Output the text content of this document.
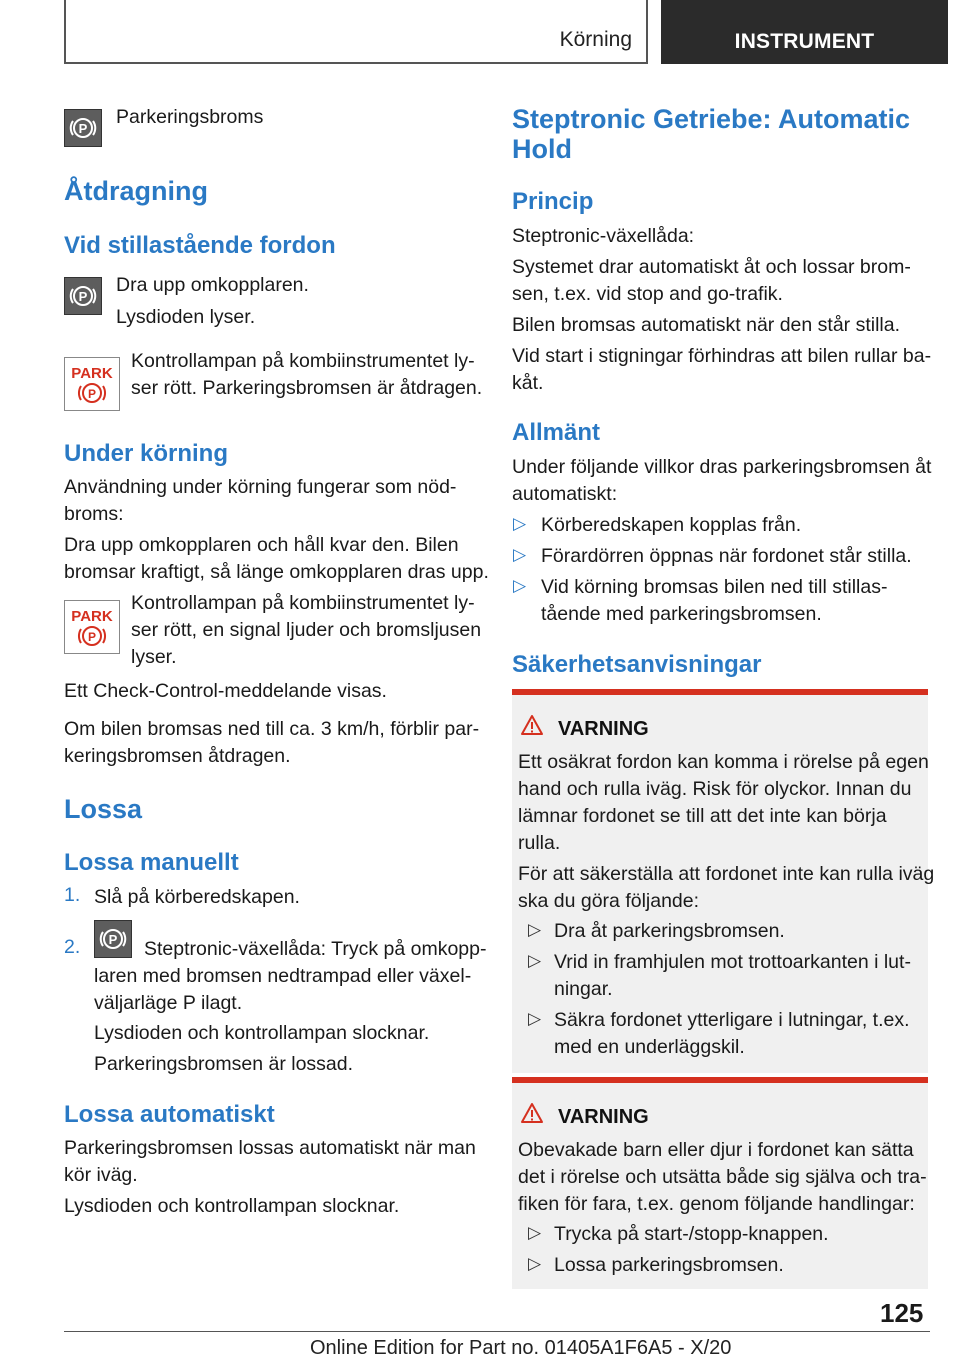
Körning	INSTRUMENT
P

Parkeringsbroms

Åtdragning
Vid stillastående fordon
P

Dra upp omkopplaren.

Lysdioden lyser.

PARK
P

Kontrollampan på kombiinstrumentet ly-

ser rött. Parkeringsbromsen är åtdragen.

Under körning

Användning under körning fungerar som nöd-

broms:

Dra upp omkopplaren och håll kvar den. Bilen

bromsar kraftigt, så länge omkopplaren dras upp.

PARK
P

Kontrollampan på kombiinstrumentet ly-

ser rött, en signal ljuder och bromsljusen

lyser.

Ett Check-Control-meddelande visas.

Om bilen bromsas ned till ca. 3 km/h, förblir par-

keringsbromsen åtdragen.

Lossa
Lossa manuellt
1. Slå på körberedskapen.

2. P Steptronic-växellåda: Tryck på omkopp-

laren med bromsen nedtrampad eller växel-

väljarläge P ilagt.

Lysdioden och kontrollampan slocknar.

Parkeringsbromsen är lossad.

Lossa automatiskt

Parkeringsbromsen lossas automatiskt när man

kör iväg.

Lysdioden och kontrollampan slocknar.

Steptronic Getriebe: Automatic
Hold
Princip

Steptronic-växellåda:

Systemet drar automatiskt åt och lossar brom-

sen, t.ex. vid stop and go-trafik.

Bilen bromsas automatiskt när den står stilla.

Vid start i stigningar förhindras att bilen rullar ba-

kåt.

Allmänt

Under följande villkor dras parkeringsbromsen åt

automatiskt:

▷ Körberedskapen kopplas från.

▷ Förardörren öppnas när fordonet står stilla.

▷ Vid körning bromsas bilen ned till stillas-

tående med parkeringsbromsen.

Säkerhetsanvisningar
VARNING

Ett osäkrat fordon kan komma i rörelse på egen

hand och rulla iväg. Risk för olyckor. Innan du

lämnar fordonet se till att det inte kan börja

rulla.

För att säkerställa att fordonet inte kan rulla iväg

ska du göra följande:

▷ Dra åt parkeringsbromsen.

▷ Vrid in framhjulen mot trottoarkanten i lut-

ningar.

▷ Säkra fordonet ytterligare i lutningar, t.ex.

med en underläggskil.

VARNING

Obevakade barn eller djur i fordonet kan sätta

det i rörelse och utsätta både sig själva och tra-

fiken för fara, t.ex. genom följande handlingar:

▷ Trycka på start-/stopp-knappen.

▷ Lossa parkeringsbromsen.

125
Online Edition for Part no. 01405A1F6A5 - X/20
